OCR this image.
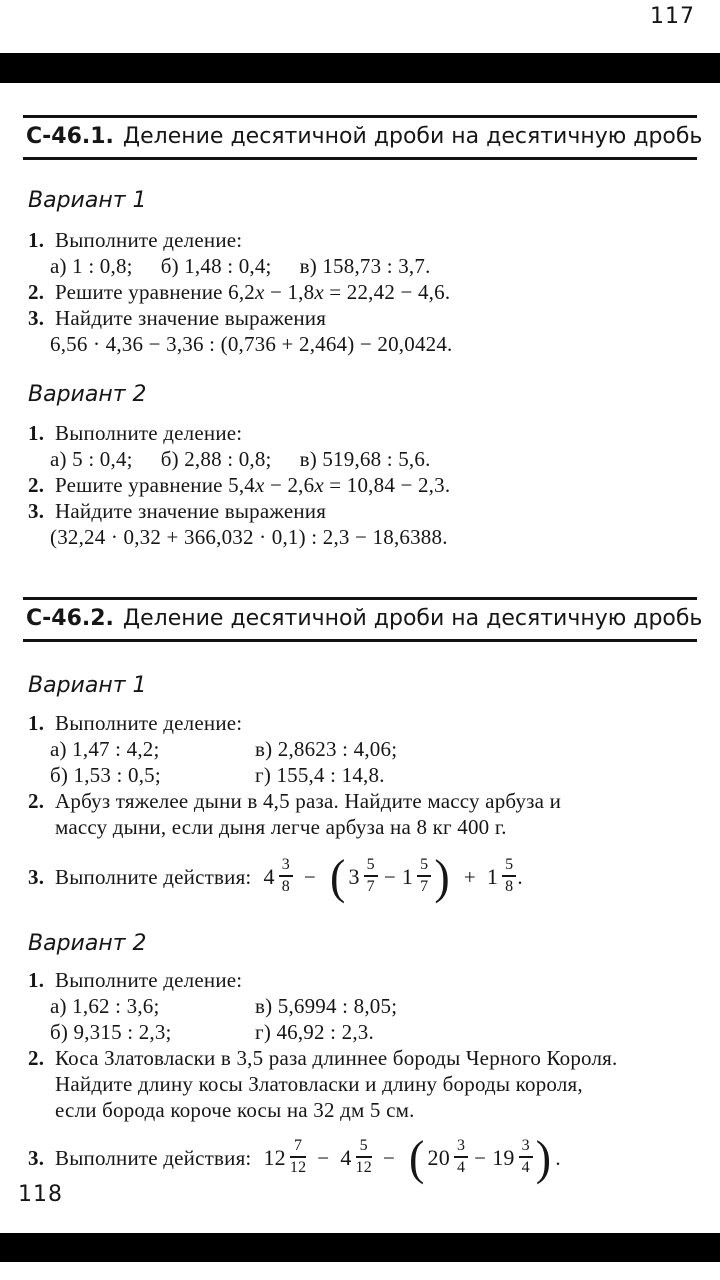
117
С-46.1. Деление десятичной дроби на десятичную дробь
Вариант 1
1. Выполните деление:
а) 1 : 0,8; б) 1,48 : 0,4; в) 158,73 : 3,7.
2. Решите уравнение 6,2x − 1,8x = 22,42 − 4,6.
3. Найдите значение выражения
6,56 · 4,36 − 3,36 : (0,736 + 2,464) − 20,0424.
Вариант 2
1. Выполните деление:
а) 5 : 0,4; б) 2,88 : 0,8; в) 519,68 : 5,6.
2. Решите уравнение 5,4x − 2,6x = 10,84 − 2,3.
3. Найдите значение выражения
(32,24 · 0,32 + 366,032 · 0,1) : 2,3 − 18,6388.
С-46.2. Деление десятичной дроби на десятичную дробь
Вариант 1
1. Выполните деление:
а) 1,47 : 4,2;	в) 2,8623 : 4,06;
б) 1,53 : 0,5;	г) 155,4 : 14,8.
2. Арбуз тяжелее дыни в 4,5 раза. Найдите массу арбуза и
массу дыни, если дыня легче арбуза на 8 кг 400 г.
3. Выполните действия: $4 \frac{3}{8}$ − ( $3 \frac{5}{7} - 1 \frac{5}{7}$ ) + $1 \frac{5}{8}$ .
Вариант 2
1. Выполните деление:
а) 1,62 : 3,6;	в) 5,6994 : 8,05;
б) 9,315 : 2,3;	г) 46,92 : 2,3.
2. Коса Златовласки в 3,5 раза длиннее бороды Черного Короля.
Найдите длину косы Златовласки и длину бороды короля,
если борода короче косы на 32 дм 5 см.
3. Выполните действия: $12 \frac{7}{12} - 4 \frac{5}{12}$ − ( $20 \frac{3}{4} - 19 \frac{3}{4}$ ) .
118
